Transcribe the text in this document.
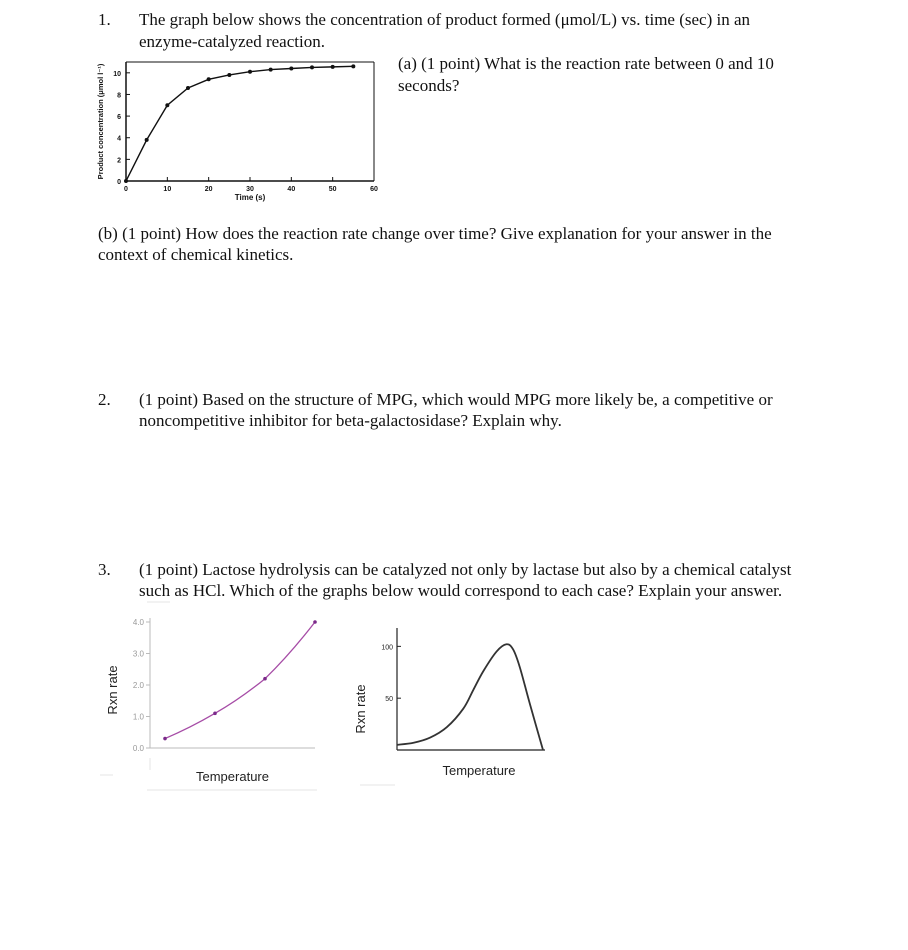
1. The graph below shows the concentration of product formed (μmol/L) vs. time (sec) in an
enzyme-catalyzed reaction.
0
2
4
6
8
10
0	10	20	30	40	50	60
Time (s)
Product concentration (μmol l⁻¹)
(a) (1 point) What is the reaction rate between 0 and 10
seconds?
(b) (1 point) How does the reaction rate change over time? Give explanation for your answer in the
context of chemical kinetics.
2. (1 point) Based on the structure of MPG, which would MPG more likely be, a competitive or
noncompetitive inhibitor for beta-galactosidase? Explain why.
3. (1 point) Lactose hydrolysis can be catalyzed not only by lactase but also by a chemical catalyst
such as HCl. Which of the graphs below would correspond to each case? Explain your answer.
0.0
1.0
2.0
3.0
4.0
Temperature
Rxn rate	50
100
Temperature
Rxn rate
